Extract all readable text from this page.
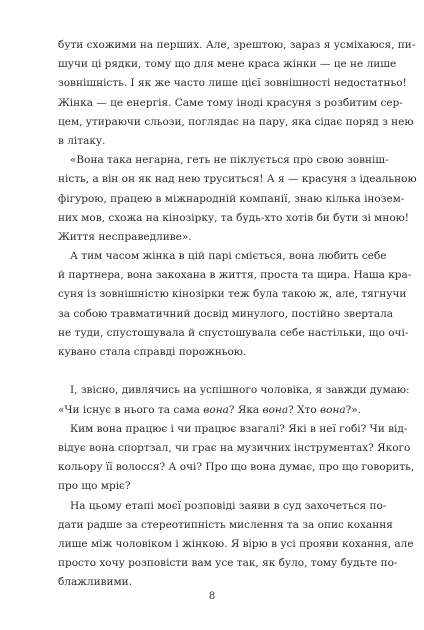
бути схожими на перших. Але, зрештою, зараз я усміхаюся, пи-
шучи ці рядки, тому що для мене краса жінки — це не лише
зовнішність. І як же часто лише цієї зовнішності недостатньо!
Жінка — це енергія. Саме тому іноді красуня з розбитим сер-
цем, утираючи сльози, поглядає на пару, яка сідає поряд з нею
в літаку.
«Вона така негарна, геть не піклується про свою зовніш-
ність, а він он як над нею труситься! А я — красуня з ідеальною
фігурою, працею в міжнародній компанії, знаю кілька інозем-
них мов, схожа на кінозірку, та будь-хто хотів би бути зі мною!
Життя несправедливе».
А тим часом жінка в цій парі сміється, вона любить себе
й партнера, вона закохана в життя, проста та щира. Наша кра-
суня із зовнішністю кінозірки теж була такою ж, але, тягнучи
за собою травматичний досвід минулого, постійно звертала
не туди, спустошувала й спустошувала себе настільки, що очі-
кувано стала справді порожньою.
І, звісно, дивлячись на успішного чоловіка, я завжди думаю:
«Чи існує в нього та сама вона? Яка вона? Хто вона?».
Ким вона працює і чи працює взагалі? Які в неї гобі? Чи від-
відує вона спортзал, чи грає на музичних інструментах? Якого
кольору її волосся? А очі? Про що вона думає, про що говорить,
про що мріє?
На цьому етапі моєї розповіді заяви в суд захочеться по-
дати радше за стереотипність мислення та за опис кохання
лише між чоловіком і жінкою. Я вірю в усі прояви кохання, але
просто хочу розповісти вам усе так, як було, тому будьте по-
блажливими.
8
